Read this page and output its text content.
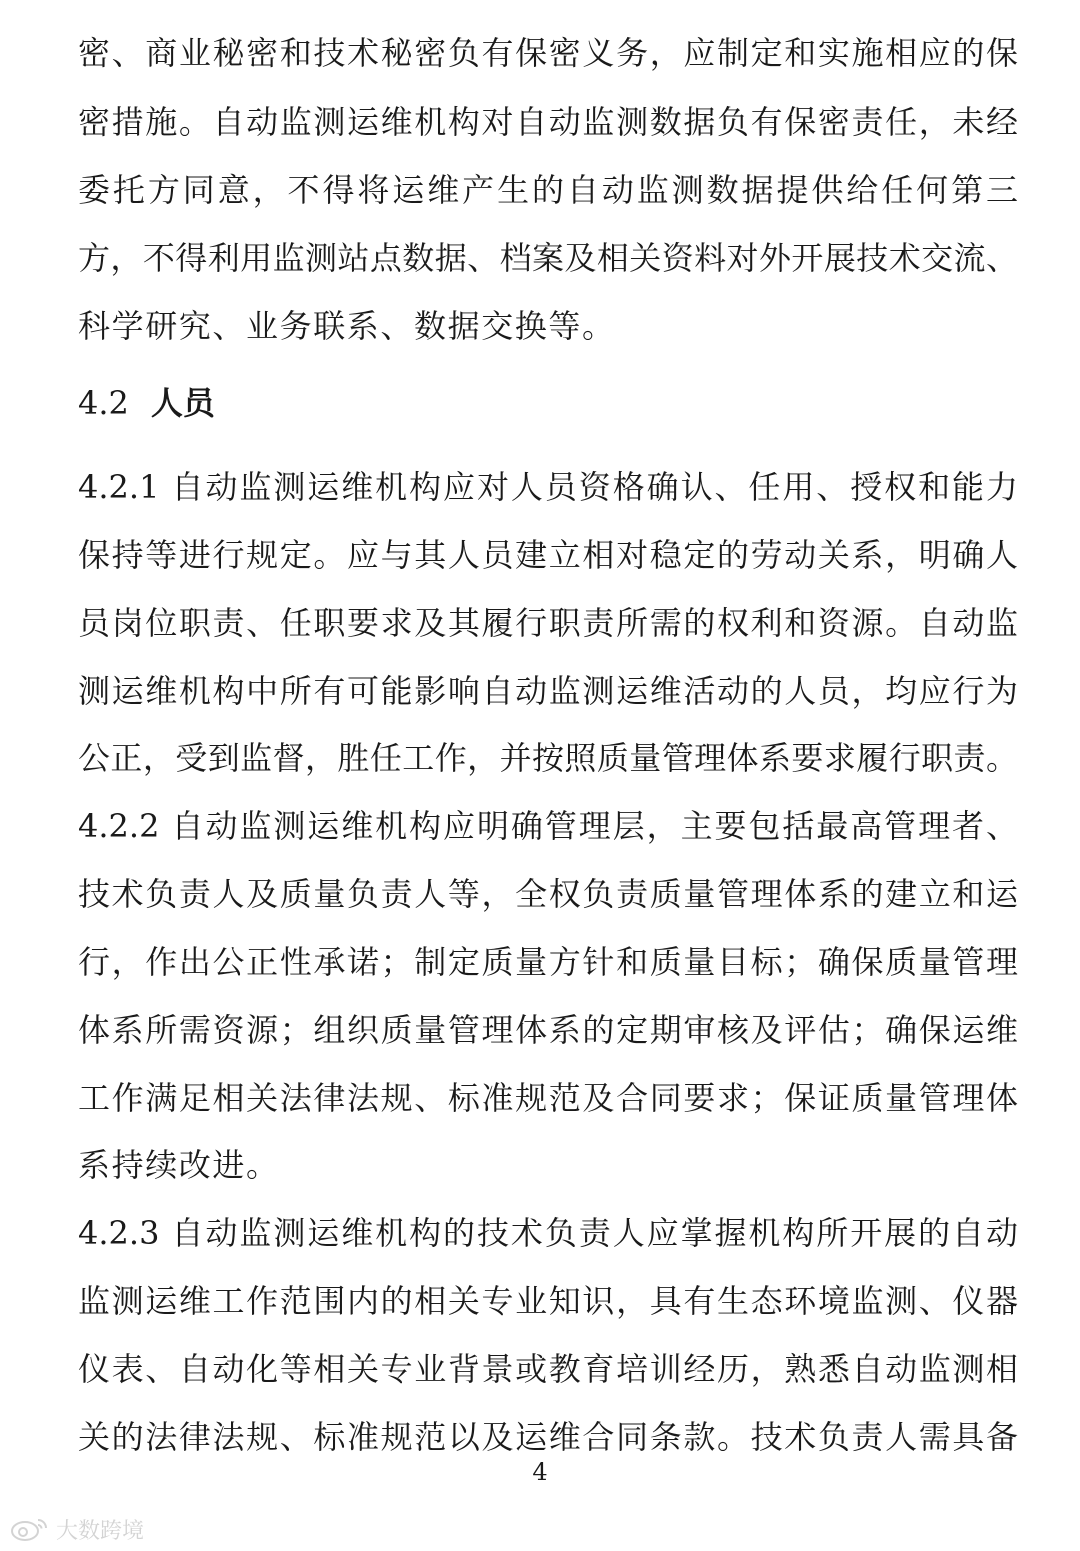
密、商业秘密和技术秘密负有保密义务，应制定和实施相应的保
密措施。自动监测运维机构对自动监测数据负有保密责任，未经
委托方同意，不得将运维产生的自动监测数据提供给任何第三
方，不得利用监测站点数据、档案及相关资料对外开展技术交流、
科学研究、业务联系、数据交换等。
4.2 人员
4.2.1 自动监测运维机构应对人员资格确认、任用、授权和能力
保持等进行规定。应与其人员建立相对稳定的劳动关系，明确人
员岗位职责、任职要求及其履行职责所需的权利和资源。自动监
测运维机构中所有可能影响自动监测运维活动的人员，均应行为
公正，受到监督，胜任工作，并按照质量管理体系要求履行职责。
4.2.2 自动监测运维机构应明确管理层，主要包括最高管理者、
技术负责人及质量负责人等，全权负责质量管理体系的建立和运
行，作出公正性承诺；制定质量方针和质量目标；确保质量管理
体系所需资源；组织质量管理体系的定期审核及评估；确保运维
工作满足相关法律法规、标准规范及合同要求；保证质量管理体
系持续改进。
4.2.3 自动监测运维机构的技术负责人应掌握机构所开展的自动
监测运维工作范围内的相关专业知识，具有生态环境监测、仪器
仪表、自动化等相关专业背景或教育培训经历，熟悉自动监测相
关的法律法规、标准规范以及运维合同条款。技术负责人需具备
4
大数跨境
